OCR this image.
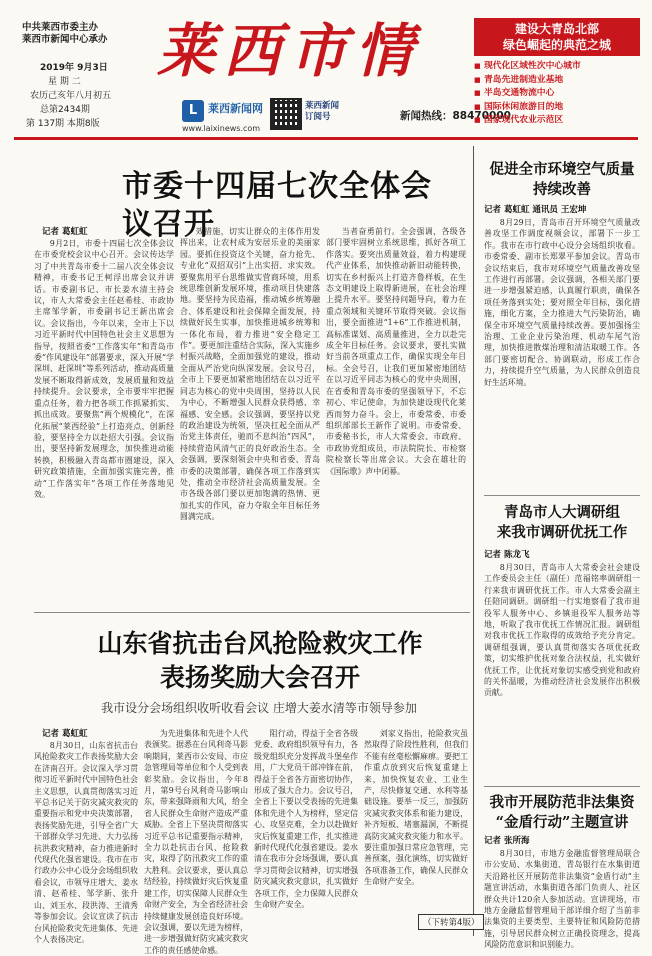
中共莱西市委主办
莱西市新闻中心承办
2019年 9月3日
星 期 二
农历己亥年八月初五
总第2434期
第 137期 本期8版
莱西市情
L 莱西新闻网
www.laixinews.com
莱西新闻
订阅号	新闻热线：88470000
建设大青岛北部
绿色崛起的典范之城
■ 现代化区域性次中心城市
■ 青岛先进制造业基地
■ 半岛交通物流中心
■ 国际休闲旅游目的地
■ 国家现代农业示范区
市委十四届七次全体会议召开
记者 葛虹虹

9月2日，市委十四届七次全体会议在市委党校会议中心召开。会议传达学习了中共青岛市委十二届八次全体会议精神，市委书记王柯浮出席会议并讲话。市委副书记、市长姜水清主持会议，市人大常委会主任赵希桂、市政协主席邹学新，市委副书记王新出席会议。会议指出，今年以来，全市上下以习近平新时代中国特色社会主义思想为指导，按照省委“工作落实年”和青岛市委“作风建设年”部署要求，深入开展“学深圳、赶深圳”等系列活动，推动高质量发展不断取得新成效，发展质量和效益持续提升。会议要求，全市要牢牢把握重点任务，着力把各项工作抓紧抓实、抓出成效。要聚焦“两个规模化”，在深化拓展“莱西经验”上打造亮点、创新经验，要坚持全力以赴招大引强。会议指出，要坚持新发展理念，加快推进动能转换，积极融入青岛都市圈建设，深入研究政策措施，全面加强实施完善，推动“工作落实年”各项工作任务落地见效。

效措施，切实让群众的主体作用发挥出来，让农村成为安居乐业的美丽家园。要抓住投资这个关键，奋力抢先、专业化“双招双引”上出实招、求实效。要聚焦用平台思维做实营商环境，用系统思维创新发展环境，推动项目快建落地。要坚持为民造福，推动城乡统筹融合、体系建设和社会保障全面发展，持续做好民生实事，加快推进城乡统筹和一体化布局，着力推进“安全稳定工作”。要更加注重结合实际，深入实施乡村振兴战略，全面加强党的建设，推动全面从严治党向纵深发展。会议号召，全市上下要更加紧密地团结在以习近平同志为核心的党中央周围，坚持以人民为中心，不断增强人民群众获得感、幸福感、安全感。会议强调，要坚持以党的政治建设为统领，坚决扛起全面从严治党主体责任，驰而不息纠治“四风”，持续营造风清气正的良好政治生态。全会强调，要深刻领会中央和省委、青岛市委的决策部署，确保各项工作落到实处，推动全市经济社会高质量发展。全市各级各部门要以更加饱满的热情、更加扎实的作风，奋力夺取全年目标任务圆满完成。

当者奋勇前行。全会强调，各级各部门要牢固树立系统思维，抓好各项工作落实。要突出质量效益，着力构建现代产业体系，加快推动新旧动能转换，切实在乡村振兴上打造齐鲁样板，在生态文明建设上取得新进展，在社会治理上提升水平。要坚持问题导向，着力在重点领域和关键环节取得突破。会议指出，要全面推进“1+6”工作推进机制，高标准谋划、高质量推进，全力以赴完成全年目标任务。会议要求，要扎实做好当前各项重点工作，确保实现全年目标。全会号召，让我们更加紧密地团结在以习近平同志为核心的党中央周围，在省委和青岛市委的坚强领导下，不忘初心、牢记使命，为加快建设现代化莱西而努力奋斗。会上，市委常委、市委组织部部长王新作了说明。市委常委、市委秘书长，市人大常委会、市政府、市政协党组成员，市法院院长、市检察院检察长等出席会议。大会在雄壮的《国际歌》声中闭幕。

山东省抗击台风抢险救灾工作
表扬奖励大会召开
我市设分会场组织收听收看会议 庄增大姜水清等市领导参加
记者 葛虹虹

8月30日，山东省抗击台风抢险救灾工作表扬奖励大会在济南召开。会议深入学习贯彻习近平新时代中国特色社会主义思想，认真贯彻落实习近平总书记关于防灾减灾救灾的重要指示和党中央决策部署，表扬奖励先进，引导全省广大干部群众学习先进、大力弘扬抗洪救灾精神，奋力推进新时代现代化强省建设。我市在市行政办公中心设分会场组织收看会议，市领导庄增大、姜水清、赵希桂、邹学新、张升山、刘玉水、段洪涛、王清秀等参加会议。会议宣读了抗击台风抢险救灾先进集体、先进个人表扬决定。

为先进集体和先进个人代表颁奖。据悉在台风利奇马影响期间，莱西市公安局、市应急管理局等单位和个人受到表彰奖励。会议指出，今年8月，第9号台风利奇马影响山东，带来强降雨和大风，给全省人民群众生命财产造成严重威胁。全省上下坚决贯彻落实习近平总书记重要指示精神，全力以赴抗击台风、抢险救灾，取得了防汛救灾工作的重大胜利。会议要求，要认真总结经验，持续做好灾后恢复重建工作，切实保障人民群众生命财产安全，为全省经济社会持续健康发展创造良好环境。会议强调，要以先进为榜样，进一步增强做好防灾减灾救灾工作的责任感使命感。

阻行动，得益于全省各级党委、政府组织领导有力，各级党组织充分发挥战斗堡垒作用，广大党员干部冲锋在前，得益于全省各方面密切协作，形成了强大合力。会议号召，全省上下要以受表扬的先进集体和先进个人为榜样，坚定信心、攻坚克难，全力以赴做好灾后恢复重建工作，扎实推进新时代现代化强省建设。姜水清在我市分会场强调，要认真学习贯彻会议精神，切实增强防灾减灾救灾意识，扎实做好各项工作，全力保障人民群众生命财产安全。

刘家义指出，抢险救灾虽然取得了阶段性胜利，但我们不能有丝毫松懈麻痹。要把工作重点放到灾后恢复重建上来，加快恢复农业、工业生产，尽快修复交通、水利等基础设施。要举一反三，加强防灾减灾救灾体系和能力建设，补齐短板、堵塞漏洞，不断提高防灾减灾救灾能力和水平。要注重加强日常应急管理，完善预案，强化演练，切实做好各项准备工作，确保人民群众生命财产安全。

（下转第4版）
促进全市环境空气质量
持续改善
记者 葛虹虹 通讯员 王宏坤

8月29日，青岛市召开环境空气质量改善攻坚工作调度视频会议，部署下一步工作。我市在市行政中心设分会场组织收看。市委常委、副市长郑翠平参加会议。青岛市会议结束后，我市对环境空气质量改善攻坚工作进行再部署。会议强调，各相关部门要进一步增强紧迫感，认真履行职责，确保各项任务落到实处；要对照全年目标，强化措施，细化方案，全力推进大气污染防治，确保全市环境空气质量持续改善。要加强扬尘治理、工业企业污染治理、机动车尾气治理，加快推进散煤治理和清洁取暖工作。各部门要密切配合、协调联动，形成工作合力，持续提升空气质量，为人民群众创造良好生活环境。

青岛市人大调研组
来我市调研优抚工作
记者 陈龙飞

8月30日，青岛市人大常委会社会建设工作委员会主任（副任）范福铭率调研组一行来我市调研优抚工作。市人大常委会副主任陪同调研。调研组一行实地察看了我市退役军人服务中心、乡镇退役军人服务站等地，听取了我市优抚工作情况汇报。调研组对我市优抚工作取得的成效给予充分肯定。调研组强调，要认真贯彻落实各项优抚政策，切实维护优抚对象合法权益，扎实做好优抚工作，让优抚对象切实感受到党和政府的关怀温暖，为推动经济社会发展作出积极贡献。

我市开展防范非法集资
“金盾行动”主题宣讲
记者 张所海

8月30日，市地方金融监督管理局联合市公安局、水集街道、青岛银行在水集街道天沿路社区开展防范非法集资“金盾行动”主题宣讲活动，水集街道各部门负责人、社区群众共计120余人参加活动。宣讲现场，市地方金融监督管理局干部详细介绍了当前非法集资的主要类型、主要特征和风险防范措施，引导居民群众树立正确投资理念，提高风险防范意识和识别能力。
